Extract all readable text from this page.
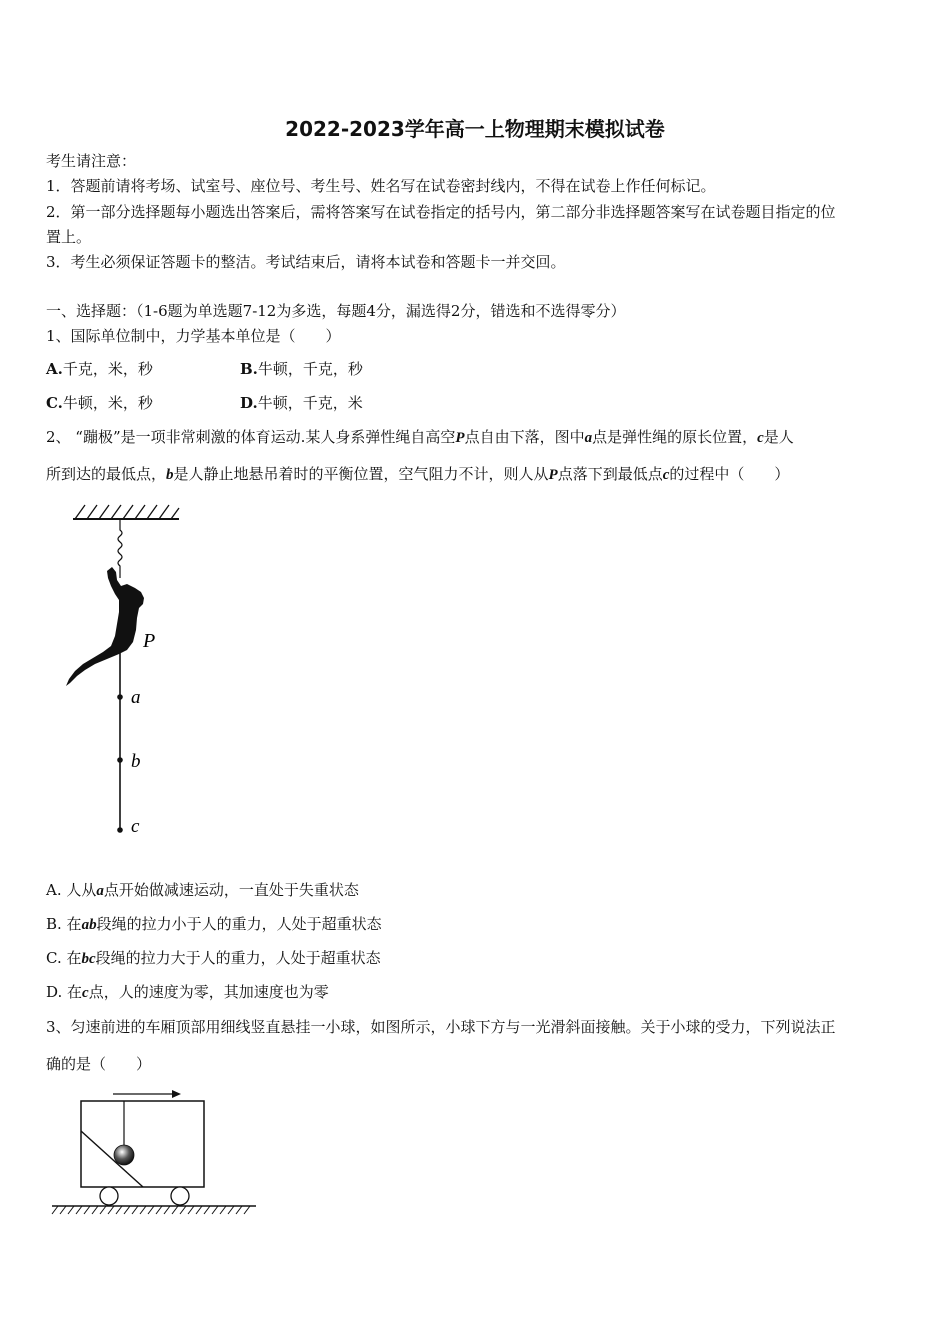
2022-2023学年高一上物理期末模拟试卷
考生请注意：
1．答题前请将考场、试室号、座位号、考生号、姓名写在试卷密封线内，不得在试卷上作任何标记。
2．第一部分选择题每小题选出答案后，需将答案写在试卷指定的括号内，第二部分非选择题答案写在试卷题目指定的位
置上。
3．考生必须保证答题卡的整洁。考试结束后，请将本试卷和答题卡一并交回。
一、选择题：（1-6题为单选题7-12为多选，每题4分，漏选得2分，错选和不选得零分）
1、国际单位制中，力学基本单位是（　　）
A.千克，米，秒	B.牛顿，千克，秒
C.牛顿，米，秒	D.牛顿，千克，米
2、 “蹦极”是一项非常刺激的体育运动.某人身系弹性绳自高空P点自由下落，图中a点是弹性绳的原长位置，c是人
所到达的最低点，b是人静止地悬吊着时的平衡位置，空气阻力不计，则人从P点落下到最低点c的过程中（　　）
P
a
b
c
A. 人从a点开始做减速运动，一直处于失重状态
B. 在ab段绳的拉力小于人的重力，人处于超重状态
C. 在bc段绳的拉力大于人的重力，人处于超重状态
D. 在c点，人的速度为零，其加速度也为零
3、匀速前进的车厢顶部用细线竖直悬挂一小球，如图所示，小球下方与一光滑斜面接触。关于小球的受力，下列说法正
确的是（　　）
